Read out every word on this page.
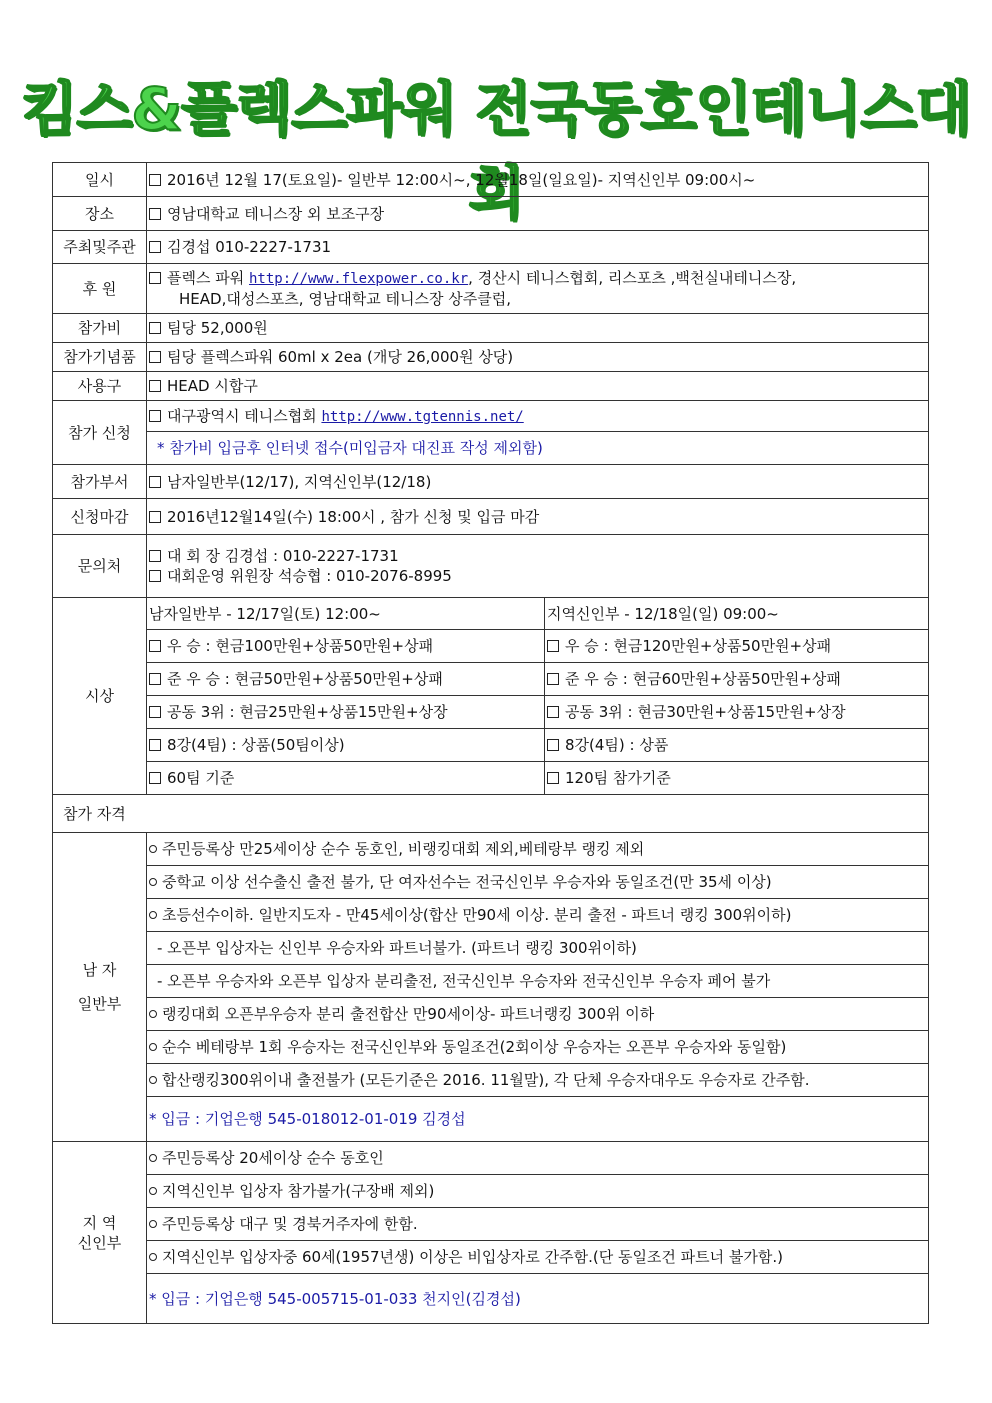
킴스&플렉스파워 전국동호인테니스대회
일시	2016년 12월 17(토요일)- 일반부 12:00시~, 12월18일(일요일)- 지역신인부 09:00시~	
장소	영남대학교 테니스장 외 보조구장	
주최및주관	김경섭 010-2227-1731	
후 원	플렉스 파워 http://www.flexpower.co.kr, 경산시 테니스협회, 리스포츠 ,백천실내테니스장,
HEAD,대성스포츠, 영남대학교 테니스장 상주클럽,	

참가비	팀당 52,000원	
참가기념품	팀당 플렉스파워 60ml x 2ea (개당 26,000원 상당)	
사용구	HEAD 시합구	
참가 신청	대구광역시 테니스협회 http://www.tgtennis.net/	
	* 참가비 입금후 인터넷 접수(미입금자 대진표 작성 제외함)	
참가부서	남자일반부(12/17), 지역신인부(12/18)	
신청마감	2016년12월14일(수) 18:00시 , 참가 신청 및 입금 마감	
문의처	대 회 장 김경섭 : 010-2227-1731
대회운영 위원장 석승협 : 010-2076-8995	

시상	남자일반부 - 12/17일(토) 12:00~	지역신인부 - 12/18일(일) 09:00~
	우 승 : 현금100만원+상품50만원+상패	우 승 : 현금120만원+상품50만원+상패
	준 우 승 : 현금50만원+상품50만원+상패	준 우 승 : 현금60만원+상품50만원+상패
	공동 3위 : 현금25만원+상품15만원+상장	공동 3위 : 현금30만원+상품15만원+상장
	8강(4팀) : 상품(50팀이상)	8강(4팀) : 상품
	60팀 기준	120팀 참가기준
참가 자격		

남 자
일반부	주민등록상 만25세이상 순수 동호인, 비랭킹대회 제외,베테랑부 랭킹 제외	
	중학교 이상 선수출신 출전 불가, 단 여자선수는 전국신인부 우승자와 동일조건(만 35세 이상)	
	초등선수이하. 일반지도자 - 만45세이상(합산 만90세 이상. 분리 출전 - 파트너 랭킹 300위이하)	
	- 오픈부 입상자는 신인부 우승자와 파트너불가. (파트너 랭킹 300위이하)	
	- 오픈부 우승자와 오픈부 입상자 분리출전, 전국신인부 우승자와 전국신인부 우승자 페어 불가	
	랭킹대회 오픈부우승자 분리 출전합산 만90세이상- 파트너랭킹 300위 이하	
	순수 베테랑부 1회 우승자는 전국신인부와 동일조건(2회이상 우승자는 오픈부 우승자와 동일함)	
	합산랭킹300위이내 출전불가 (모든기준은 2016. 11월말), 각 단체 우승자대우도 우승자로 간주함.	
	* 입금 : 기업은행 545-018012-01-019 김경섭	

지 역
신인부	주민등록상 20세이상 순수 동호인	
	지역신인부 입상자 참가불가(구장배 제외)	
	주민등록상 대구 및 경북거주자에 한함.	
	지역신인부 입상자중 60세(1957년생) 이상은 비입상자로 간주함.(단 동일조건 파트너 불가함.)	
	* 입금 : 기업은행 545-005715-01-033 천지인(김경섭)	
